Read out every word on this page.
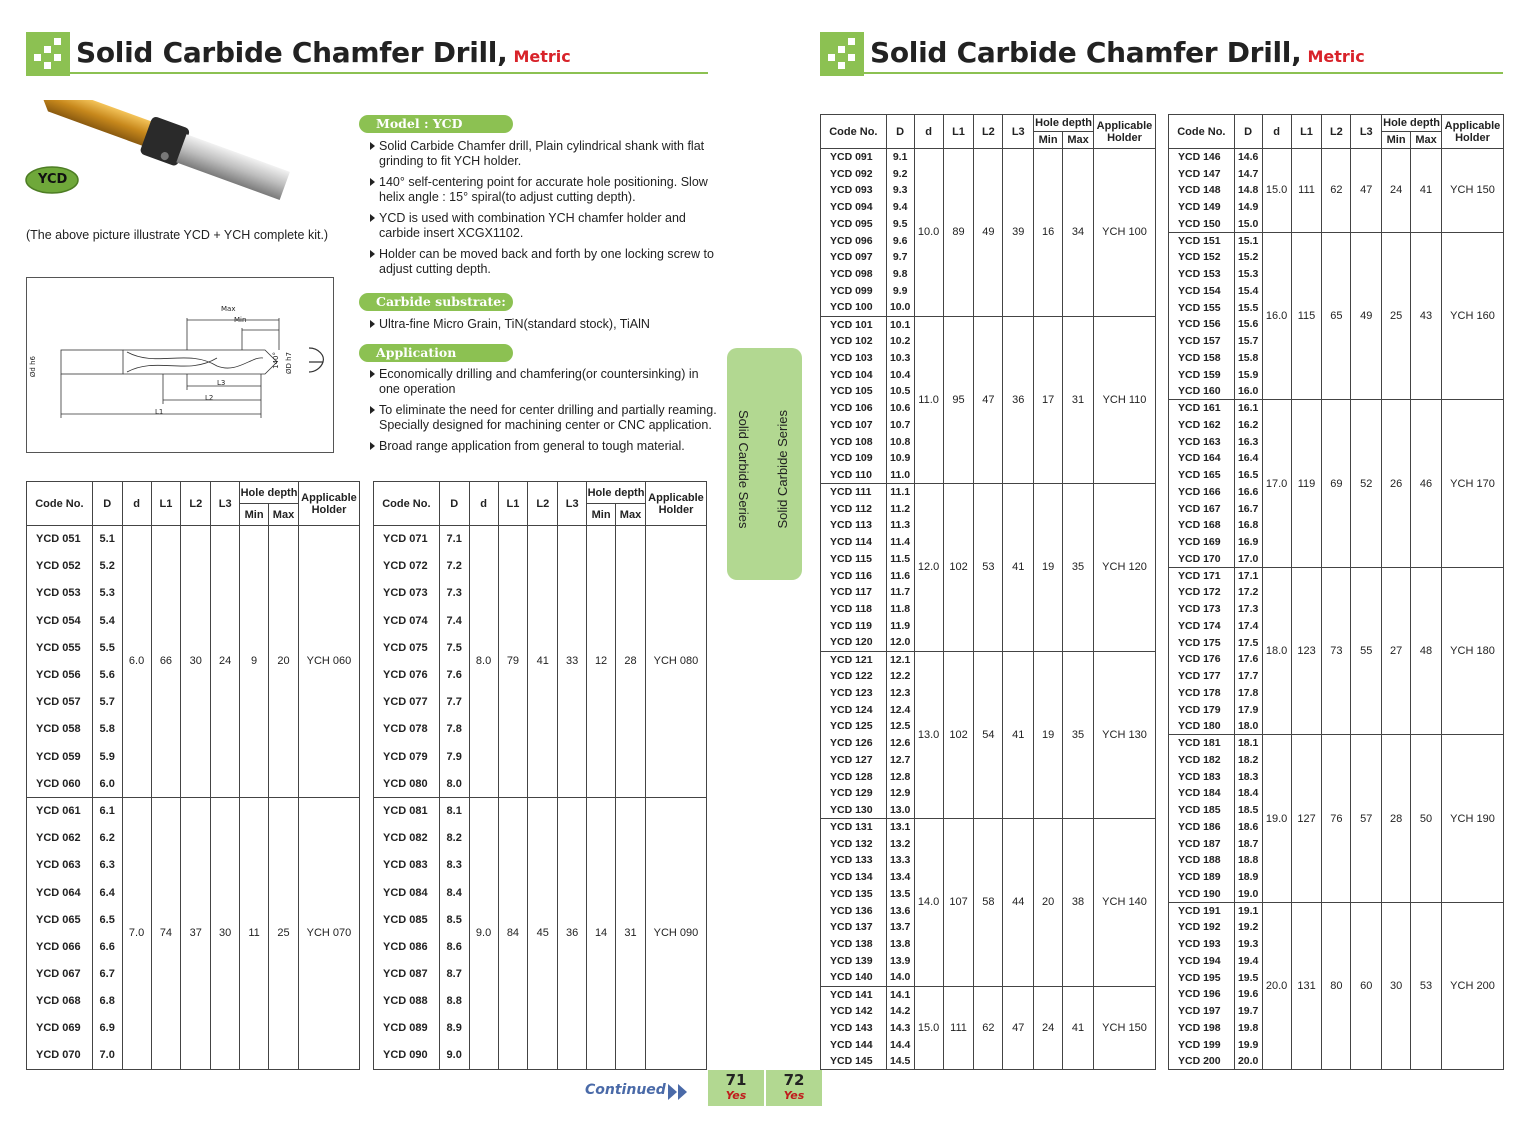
Solid Carbide Chamfer Drill, Metric	Solid Carbide Chamfer Drill, Metric
YCD
(The above picture illustrate YCD + YCH complete kit.)
Max
Min
L3
L2
L1
Ød h6	140° ØD h7
Model : YCD
Solid Carbide Chamfer drill, Plain cylindrical shank with flat grinding to fit YCH holder.
140° self-centering point for accurate hole positioning. Slow helix angle : 15° spiral(to adjust cutting depth).
YCD is used with combination YCH chamfer holder and carbide insert XCGX1102.
Holder can be moved back and forth by one locking screw to adjust cutting depth.
Carbide substrate:
Ultra-fine Micro Grain, TiN(standard stock), TiAlN
Application
Economically drilling and chamfering(or countersinking) in one operation
To eliminate the need for center drilling and partially reaming. Specially designed for machining center or CNC application.
Broad range application from general to tough material.	Solid Carbide Series Solid Carbide Series
Code No.	D	d	L1	L2	L3	Hole depth		Applicable
Holder
						Min	Max	
YCD 051	5.1	6.0	66	30	24	9	20	YCH 060
YCD 052	5.2							
YCD 053	5.3							
YCD 054	5.4							
YCD 055	5.5							
YCD 056	5.6							
YCD 057	5.7							
YCD 058	5.8							
YCD 059	5.9							
YCD 060	6.0							
YCD 061	6.1	7.0	74	37	30	11	25	YCH 070
YCD 062	6.2							
YCD 063	6.3							
YCD 064	6.4							
YCD 065	6.5							
YCD 066	6.6							
YCD 067	6.7							
YCD 068	6.8							
YCD 069	6.9							
YCD 070	7.0							
Code No.	D	d	L1	L2	L3	Hole depth		Applicable
Holder
						Min	Max	
YCD 071	7.1	8.0	79	41	33	12	28	YCH 080
YCD 072	7.2							
YCD 073	7.3							
YCD 074	7.4							
YCD 075	7.5							
YCD 076	7.6							
YCD 077	7.7							
YCD 078	7.8							
YCD 079	7.9							
YCD 080	8.0							
YCD 081	8.1	9.0	84	45	36	14	31	YCH 090
YCD 082	8.2							
YCD 083	8.3							
YCD 084	8.4							
YCD 085	8.5							
YCD 086	8.6							
YCD 087	8.7							
YCD 088	8.8							
YCD 089	8.9							
YCD 090	9.0							
Code No.	D	d	L1	L2	L3	Hole depth		Applicable
Holder
						Min	Max	
YCD 091	9.1	10.0	89	49	39	16	34	YCH 100
YCD 092	9.2							
YCD 093	9.3							
YCD 094	9.4							
YCD 095	9.5							
YCD 096	9.6							
YCD 097	9.7							
YCD 098	9.8							
YCD 099	9.9							
YCD 100	10.0							
YCD 101	10.1	11.0	95	47	36	17	31	YCH 110
YCD 102	10.2							
YCD 103	10.3							
YCD 104	10.4							
YCD 105	10.5							
YCD 106	10.6							
YCD 107	10.7							
YCD 108	10.8							
YCD 109	10.9							
YCD 110	11.0							
YCD 111	11.1	12.0	102	53	41	19	35	YCH 120
YCD 112	11.2							
YCD 113	11.3							
YCD 114	11.4							
YCD 115	11.5							
YCD 116	11.6							
YCD 117	11.7							
YCD 118	11.8							
YCD 119	11.9							
YCD 120	12.0							
YCD 121	12.1	13.0	102	54	41	19	35	YCH 130
YCD 122	12.2							
YCD 123	12.3							
YCD 124	12.4							
YCD 125	12.5							
YCD 126	12.6							
YCD 127	12.7							
YCD 128	12.8							
YCD 129	12.9							
YCD 130	13.0							
YCD 131	13.1	14.0	107	58	44	20	38	YCH 140
YCD 132	13.2							
YCD 133	13.3							
YCD 134	13.4							
YCD 135	13.5							
YCD 136	13.6							
YCD 137	13.7							
YCD 138	13.8							
YCD 139	13.9							
YCD 140	14.0							
YCD 141	14.1	15.0	111	62	47	24	41	YCH 150
YCD 142	14.2							
YCD 143	14.3							
YCD 144	14.4							
YCD 145	14.5							
Code No.	D	d	L1	L2	L3	Hole depth		Applicable
Holder
						Min	Max	
YCD 146	14.6	15.0	111	62	47	24	41	YCH 150
YCD 147	14.7							
YCD 148	14.8							
YCD 149	14.9							
YCD 150	15.0							
YCD 151	15.1	16.0	115	65	49	25	43	YCH 160
YCD 152	15.2							
YCD 153	15.3							
YCD 154	15.4							
YCD 155	15.5							
YCD 156	15.6							
YCD 157	15.7							
YCD 158	15.8							
YCD 159	15.9							
YCD 160	16.0							
YCD 161	16.1	17.0	119	69	52	26	46	YCH 170
YCD 162	16.2							
YCD 163	16.3							
YCD 164	16.4							
YCD 165	16.5							
YCD 166	16.6							
YCD 167	16.7							
YCD 168	16.8							
YCD 169	16.9							
YCD 170	17.0							
YCD 171	17.1	18.0	123	73	55	27	48	YCH 180
YCD 172	17.2							
YCD 173	17.3							
YCD 174	17.4							
YCD 175	17.5							
YCD 176	17.6							
YCD 177	17.7							
YCD 178	17.8							
YCD 179	17.9							
YCD 180	18.0							
YCD 181	18.1	19.0	127	76	57	28	50	YCH 190
YCD 182	18.2							
YCD 183	18.3							
YCD 184	18.4							
YCD 185	18.5							
YCD 186	18.6							
YCD 187	18.7							
YCD 188	18.8							
YCD 189	18.9							
YCD 190	19.0							
YCD 191	19.1	20.0	131	80	60	30	53	YCH 200
YCD 192	19.2							
YCD 193	19.3							
YCD 194	19.4							
YCD 195	19.5							
YCD 196	19.6							
YCD 197	19.7							
YCD 198	19.8							
YCD 199	19.9							
YCD 200	20.0							
Continued
71
Yes
72
Yes
